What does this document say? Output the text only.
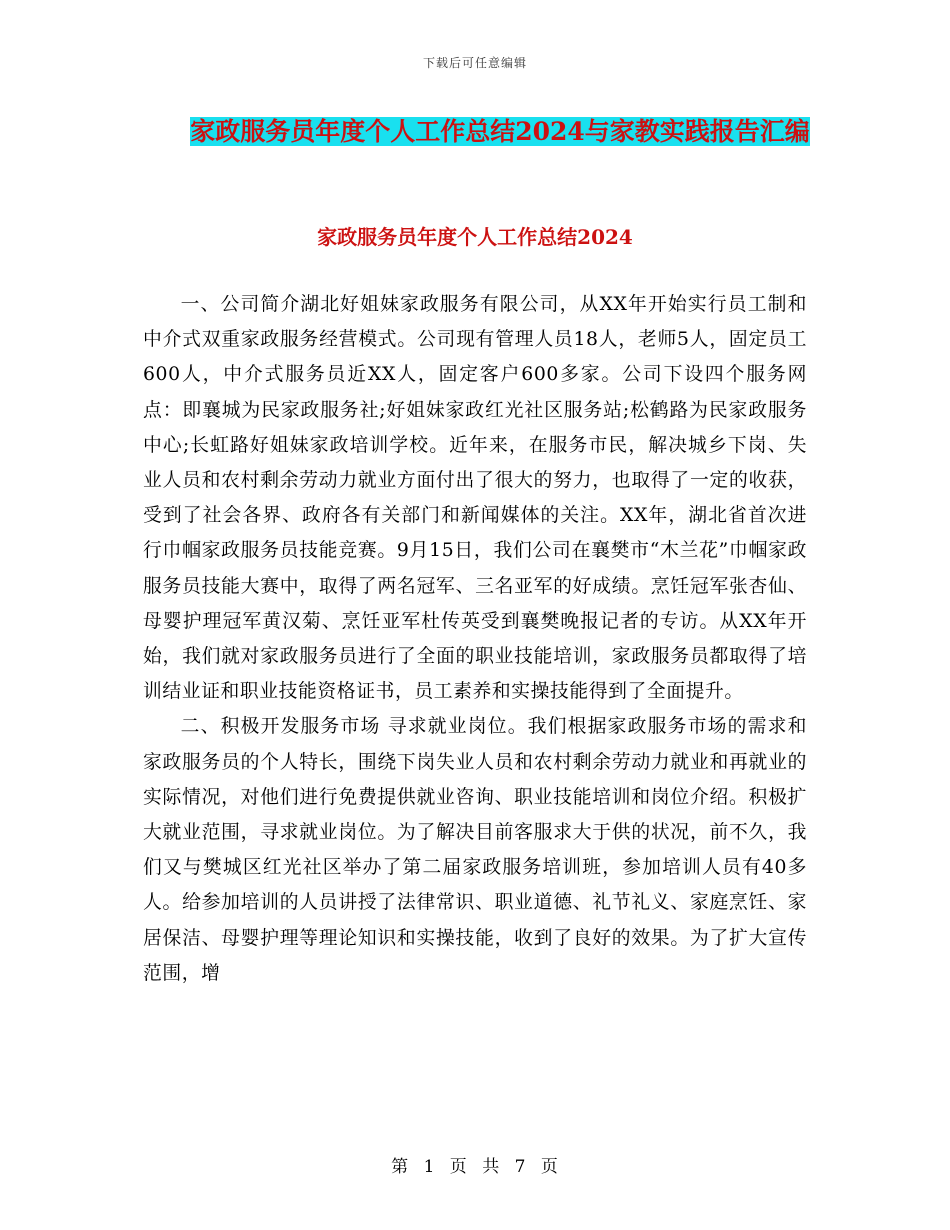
下载后可任意编辑
家政服务员年度个人工作总结2024与家教实践报告汇编
家政服务员年度个人工作总结2024

一、公司简介湖北好姐妹家政服务有限公司，从XX年开始实行员工制和中介式双重家政服务经营模式。公司现有管理人员18人，老师5人，固定员工600人，中介式服务员近XX人，固定客户600多家。公司下设四个服务网点：即襄城为民家政服务社;好姐妹家政红光社区服务站;松鹤路为民家政服务中心;长虹路好姐妹家政培训学校。近年来，在服务市民，解决城乡下岗、失业人员和农村剩余劳动力就业方面付出了很大的努力，也取得了一定的收获，受到了社会各界、政府各有关部门和新闻媒体的关注。XX年，湖北省首次进行巾帼家政服务员技能竞赛。9月15日，我们公司在襄樊市“木兰花”巾帼家政服务员技能大赛中，取得了两名冠军、三名亚军的好成绩。烹饪冠军张杏仙、母婴护理冠军黄汉菊、烹饪亚军杜传英受到襄樊晚报记者的专访。从XX年开始，我们就对家政服务员进行了全面的职业技能培训，家政服务员都取得了培训结业证和职业技能资格证书，员工素养和实操技能得到了全面提升。

二、积极开发服务市场 寻求就业岗位。我们根据家政服务市场的需求和家政服务员的个人特长，围绕下岗失业人员和农村剩余劳动力就业和再就业的实际情况，对他们进行免费提供就业咨询、职业技能培训和岗位介绍。积极扩大就业范围，寻求就业岗位。为了解决目前客服求大于供的状况，前不久，我们又与樊城区红光社区举办了第二届家政服务培训班，参加培训人员有40多人。给参加培训的人员讲授了法律常识、职业道德、礼节礼义、家庭烹饪、家居保洁、母婴护理等理论知识和实操技能，收到了良好的效果。为了扩大宣传范围，增

第 1 页 共 7 页
